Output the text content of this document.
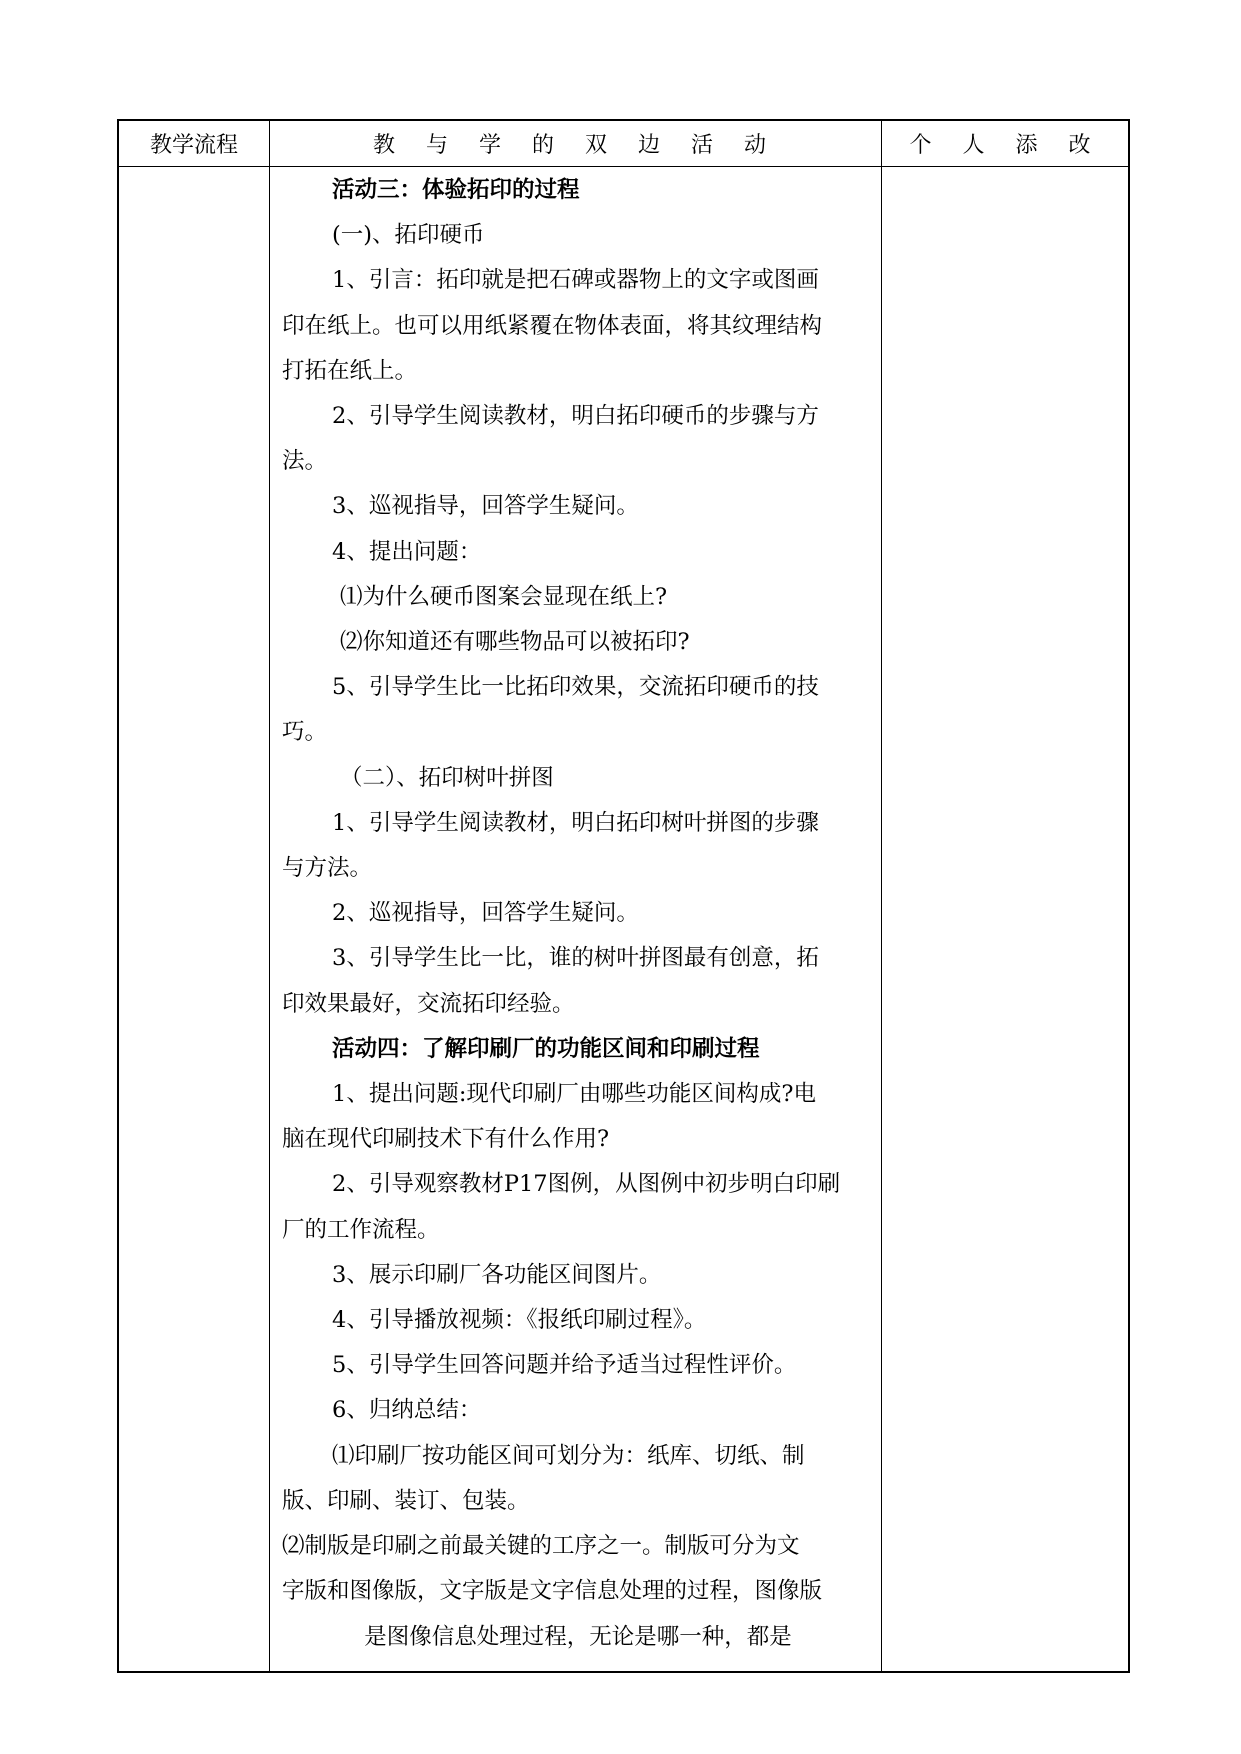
教学流程	教 与 学 的 双 边 活 动	个 人 添 改

活动三：体验拓印的过程

(一)、拓印硬币

1、引言：拓印就是把石碑或器物上的文字或图画

印在纸上。也可以用纸紧覆在物体表面，将其纹理结构

打拓在纸上。

2、引导学生阅读教材，明白拓印硬币的步骤与方

法。

3、巡视指导，回答学生疑问。

4、提出问题：

⑴为什么硬币图案会显现在纸上?

⑵你知道还有哪些物品可以被拓印?

5、引导学生比一比拓印效果，交流拓印硬币的技

巧。

（二）、拓印树叶拼图

1、引导学生阅读教材，明白拓印树叶拼图的步骤

与方法。

2、巡视指导，回答学生疑问。

3、引导学生比一比，谁的树叶拼图最有创意，拓

印效果最好，交流拓印经验。

活动四：了解印刷厂的功能区间和印刷过程

1、提出问题:现代印刷厂由哪些功能区间构成?电

脑在现代印刷技术下有什么作用?

2、引导观察教材P17图例，从图例中初步明白印刷

厂的工作流程。

3、展示印刷厂各功能区间图片。

4、引导播放视频：《报纸印刷过程》。

5、引导学生回答问题并给予适当过程性评价。

6、归纳总结：

⑴印刷厂按功能区间可划分为：纸库、切纸、制

版、印刷、装订、包装。

⑵制版是印刷之前最关键的工序之一。制版可分为文

字版和图像版，文字版是文字信息处理的过程，图像版

是图像信息处理过程，无论是哪一种，都是
